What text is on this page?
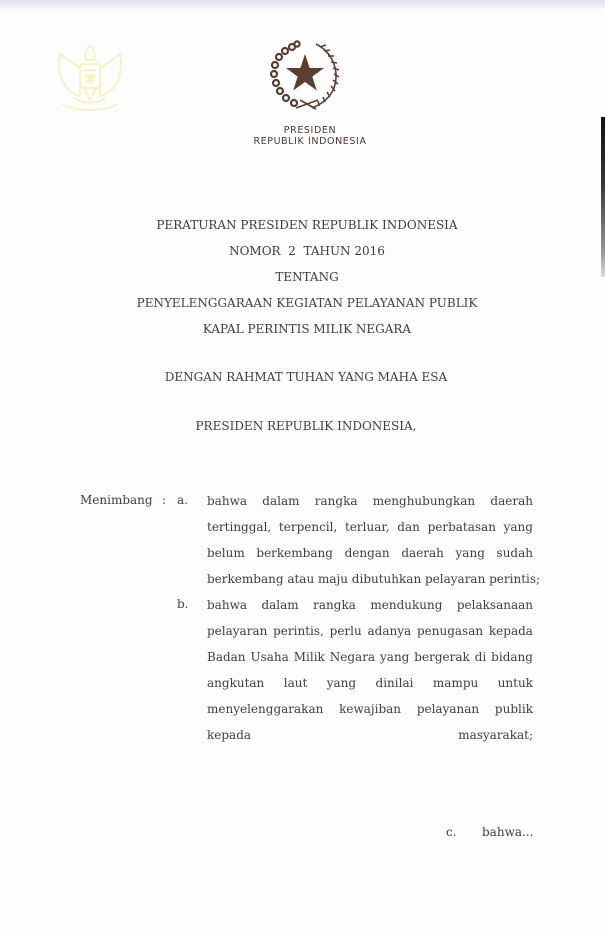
PRESIDEN
REPUBLIK INDONESIA
PERATURAN PRESIDEN REPUBLIK INDONESIA
NOMOR  2  TAHUN 2016
TENTANG
PENYELENGGARAAN KEGIATAN PELAYANAN PUBLIK
KAPAL PERINTIS MILIK NEGARA
DENGAN RAHMAT TUHAN YANG MAHA ESA
PRESIDEN REPUBLIK INDONESIA,
Menimbang : a. bahwa dalam rangka menghubungkan daerah
tertinggal, terpencil, terluar, dan perbatasan yang
belum berkembang dengan daerah yang sudah
berkembang atau maju dibutuhkan pelayaran perintis;
b. bahwa dalam rangka mendukung pelaksanaan
pelayaran perintis, perlu adanya penugasan kepada
Badan Usaha Milik Negara yang bergerak di bidang
angkutan laut yang dinilai mampu untuk
menyelenggarakan kewajiban pelayanan publik
kepada masyarakat;
c. bahwa...
